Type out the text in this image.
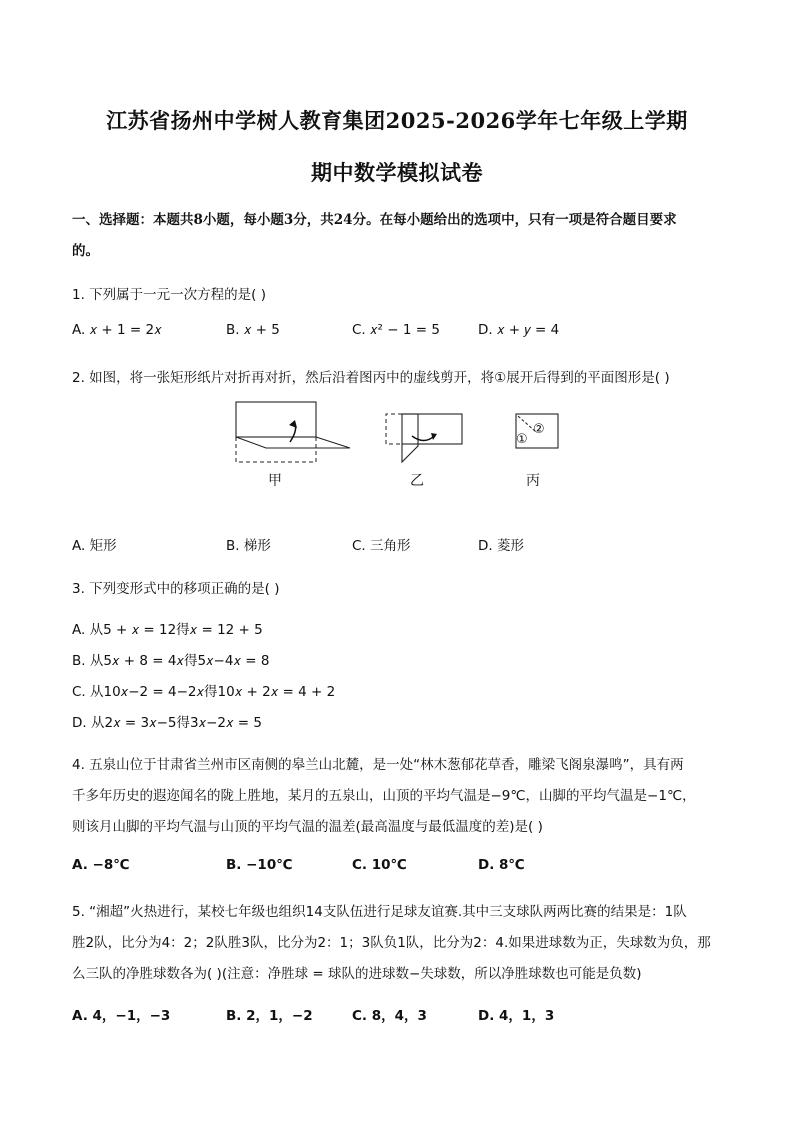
江苏省扬州中学树人教育集团2025-2026学年七年级上学期
期中数学模拟试卷
一、选择题：本题共8小题，每小题3分，共24分。在每小题给出的选项中，只有一项是符合题目要求
的。
1. 下列属于一元一次方程的是( )
A. 𝑥 + 1 = 2𝑥	B. 𝑥 + 5	C. 𝑥² − 1 = 5	D. 𝑥 + 𝑦 = 4
2. 如图，将一张矩形纸片对折再对折，然后沿着图丙中的虚线剪开，将①展开后得到的平面图形是( )
①
②
甲	乙	丙
A. 矩形	B. 梯形	C. 三角形	D. 菱形
3. 下列变形式中的移项正确的是( )
A. 从5 + 𝑥 = 12得𝑥 = 12 + 5
B. 从5𝑥 + 8 = 4𝑥得5𝑥−4𝑥 = 8
C. 从10𝑥−2 = 4−2𝑥得10𝑥 + 2𝑥 = 4 + 2
D. 从2𝑥 = 3𝑥−5得3𝑥−2𝑥 = 5
4. 五泉山位于甘肃省兰州市区南侧的皋兰山北麓，是一处“林木葱郁花草香，雕梁飞阁泉瀑鸣”，具有两
千多年历史的遐迩闻名的陇上胜地，某月的五泉山，山顶的平均气温是−9℃，山脚的平均气温是−1℃，
则该月山脚的平均气温与山顶的平均气温的温差(最高温度与最低温度的差)是( )
A. −8℃	B. −10℃	C. 10℃	D. 8℃
5. “湘超”火热进行，某校七年级也组织14支队伍进行足球友谊赛.其中三支球队两两比赛的结果是：1队
胜2队，比分为4：2；2队胜3队，比分为2：1；3队负1队，比分为2：4.如果进球数为正，失球数为负，那
么三队的净胜球数各为( )(注意：净胜球 = 球队的进球数−失球数，所以净胜球数也可能是负数)
A. 4，−1，−3	B. 2，1，−2	C. 8，4，3	D. 4，1，3
